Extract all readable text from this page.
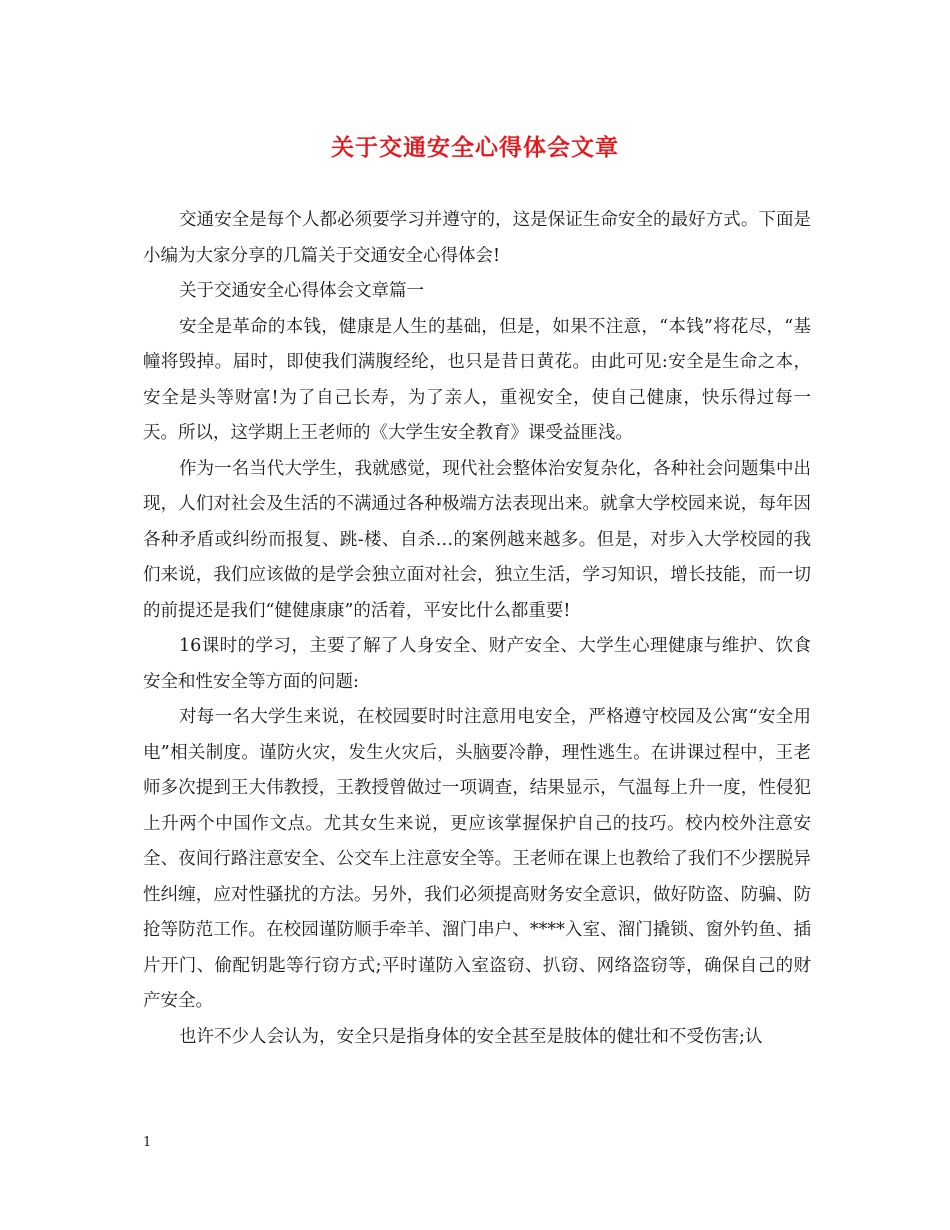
关于交通安全心得体会文章

交通安全是每个人都必须要学习并遵守的，这是保证生命安全的最好方式。下面是小编为大家分享的几篇关于交通安全心得体会!

关于交通安全心得体会文章篇一

安全是革命的本钱，健康是人生的基础，但是，如果不注意，“本钱”将花尽，“基幢将毁掉。届时，即使我们满腹经纶，也只是昔日黄花。由此可见:安全是生命之本，安全是头等财富!为了自己长寿，为了亲人，重视安全，使自己健康，快乐得过每一天。所以，这学期上王老师的《大学生安全教育》课受益匪浅。

作为一名当代大学生，我就感觉，现代社会整体治安复杂化，各种社会问题集中出现，人们对社会及生活的不满通过各种极端方法表现出来。就拿大学校园来说，每年因各种矛盾或纠纷而报复、跳-楼、自杀…的案例越来越多。但是，对步入大学校园的我们来说，我们应该做的是学会独立面对社会，独立生活，学习知识，增长技能，而一切的前提还是我们“健健康康”的活着，平安比什么都重要!

16课时的学习，主要了解了人身安全、财产安全、大学生心理健康与维护、饮食安全和性安全等方面的问题:

对每一名大学生来说，在校园要时时注意用电安全，严格遵守校园及公寓“安全用电”相关制度。谨防火灾，发生火灾后，头脑要冷静，理性逃生。在讲课过程中，王老师多次提到王大伟教授，王教授曾做过一项调查，结果显示，气温每上升一度，性侵犯上升两个中国作文点。尤其女生来说，更应该掌握保护自己的技巧。校内校外注意安全、夜间行路注意安全、公交车上注意安全等。王老师在课上也教给了我们不少摆脱异性纠缠，应对性骚扰的方法。另外，我们必须提高财务安全意识，做好防盗、防骗、防抢等防范工作。在校园谨防顺手牵羊、溜门串户、****入室、溜门撬锁、窗外钓鱼、插片开门、偷配钥匙等行窃方式;平时谨防入室盗窃、扒窃、网络盗窃等，确保自己的财产安全。

也许不少人会认为，安全只是指身体的安全甚至是肢体的健壮和不受伤害;认

1
